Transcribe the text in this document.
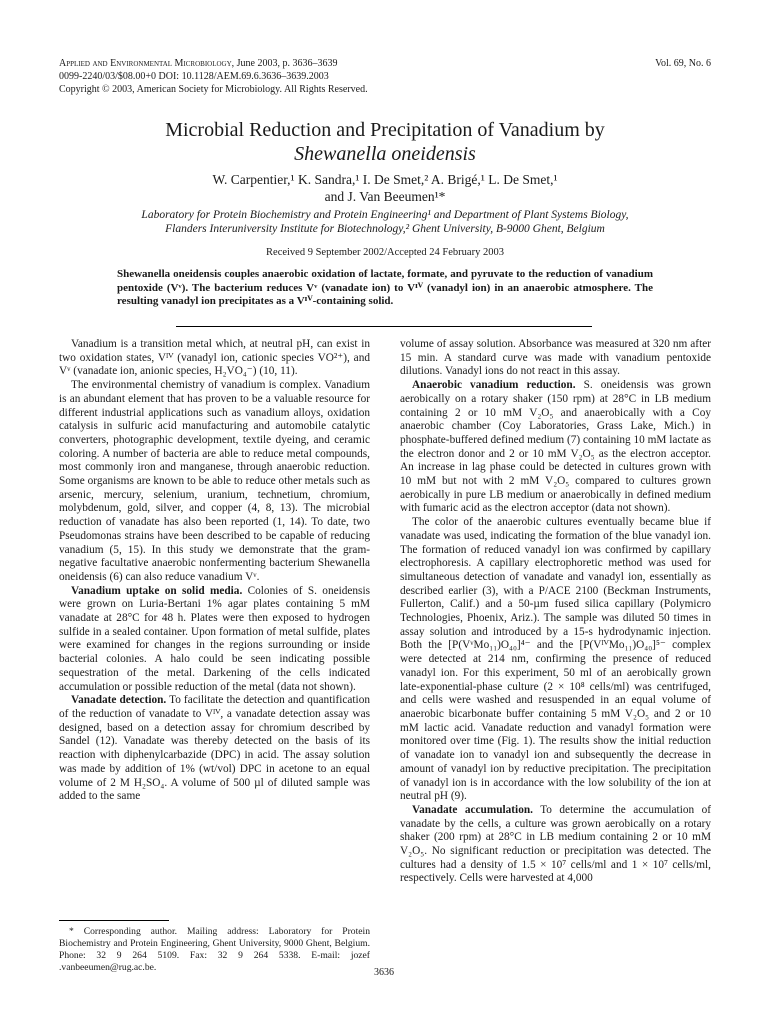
Applied and Environmental Microbiology, June 2003, p. 3636–3639
0099-2240/03/$08.00+0 DOI: 10.1128/AEM.69.6.3636–3639.2003
Copyright © 2003, American Society for Microbiology. All Rights Reserved.
Vol. 69, No. 6
Microbial Reduction and Precipitation of Vanadium by
Shewanella oneidensis
W. Carpentier,¹ K. Sandra,¹ I. De Smet,² A. Brigé,¹ L. De Smet,¹
and J. Van Beeumen¹*
Laboratory for Protein Biochemistry and Protein Engineering¹ and Department of Plant Systems Biology,
Flanders Interuniversity Institute for Biotechnology,² Ghent University, B-9000 Ghent, Belgium
Received 9 September 2002/Accepted 24 February 2003
Shewanella oneidensis couples anaerobic oxidation of lactate, formate, and pyruvate to the reduction of vanadium pentoxide (Vᵛ). The bacterium reduces Vᵛ (vanadate ion) to Vᴵⱽ (vanadyl ion) in an anaerobic atmosphere. The resulting vanadyl ion precipitates as a Vᴵⱽ-containing solid.

Vanadium is a transition metal which, at neutral pH, can exist in two oxidation states, Vᴵⱽ (vanadyl ion, cationic species VO²⁺), and Vᵛ (vanadate ion, anionic species, H₂VO₄⁻) (10, 11).

The environmental chemistry of vanadium is complex. Vanadium is an abundant element that has proven to be a valuable resource for different industrial applications such as vanadium alloys, oxidation catalysis in sulfuric acid manufacturing and automobile catalytic converters, photographic development, textile dyeing, and ceramic coloring. A number of bacteria are able to reduce metal compounds, most commonly iron and manganese, through anaerobic reduction. Some organisms are known to be able to reduce other metals such as arsenic, mercury, selenium, uranium, technetium, chromium, molybdenum, gold, silver, and copper (4, 8, 13). The microbial reduction of vanadate has also been reported (1, 14). To date, two Pseudomonas strains have been described to be capable of reducing vanadium (5, 15). In this study we demonstrate that the gram-negative facultative anaerobic nonfermenting bacterium Shewanella oneidensis (6) can also reduce vanadium Vᵛ.

Vanadium uptake on solid media. Colonies of S. oneidensis were grown on Luria-Bertani 1% agar plates containing 5 mM vanadate at 28°C for 48 h. Plates were then exposed to hydrogen sulfide in a sealed container. Upon formation of metal sulfide, plates were examined for changes in the regions surrounding or inside bacterial colonies. A halo could be seen indicating possible sequestration of the metal. Darkening of the cells indicated accumulation or possible reduction of the metal (data not shown).

Vanadate detection. To facilitate the detection and quantification of the reduction of vanadate to Vᴵⱽ, a vanadate detection assay was designed, based on a detection assay for chromium described by Sandel (12). Vanadate was thereby detected on the basis of its reaction with diphenylcarbazide (DPC) in acid. The assay solution was made by addition of 1% (wt/vol) DPC in acetone to an equal volume of 2 M H₂SO₄. A volume of 500 µl of diluted sample was added to the same

volume of assay solution. Absorbance was measured at 320 nm after 15 min. A standard curve was made with vanadium pentoxide dilutions. Vanadyl ions do not react in this assay.

Anaerobic vanadium reduction. S. oneidensis was grown aerobically on a rotary shaker (150 rpm) at 28°C in LB medium containing 2 or 10 mM V₂O₅ and anaerobically with a Coy anaerobic chamber (Coy Laboratories, Grass Lake, Mich.) in phosphate-buffered defined medium (7) containing 10 mM lactate as the electron donor and 2 or 10 mM V₂O₅ as the electron acceptor. An increase in lag phase could be detected in cultures grown with 10 mM but not with 2 mM V₂O₅ compared to cultures grown aerobically in pure LB medium or anaerobically in defined medium with fumaric acid as the electron acceptor (data not shown).

The color of the anaerobic cultures eventually became blue if vanadate was used, indicating the formation of the blue vanadyl ion. The formation of reduced vanadyl ion was confirmed by capillary electrophoresis. A capillary electrophoretic method was used for simultaneous detection of vanadate and vanadyl ion, essentially as described earlier (3), with a P/ACE 2100 (Beckman Instruments, Fullerton, Calif.) and a 50-µm fused silica capillary (Polymicro Technologies, Phoenix, Ariz.). The sample was diluted 50 times in assay solution and introduced by a 15-s hydrodynamic injection. Both the [P(VᵛMo₁₁)O₄₀]⁴⁻ and the [P(VᴵⱽMo₁₁)O₄₀]⁵⁻ complex were detected at 214 nm, confirming the presence of reduced vanadyl ion. For this experiment, 50 ml of an aerobically grown late-exponential-phase culture (2 × 10⁸ cells/ml) was centrifuged, and cells were washed and resuspended in an equal volume of anaerobic bicarbonate buffer containing 5 mM V₂O₅ and 2 or 10 mM lactic acid. Vanadate reduction and vanadyl formation were monitored over time (Fig. 1). The results show the initial reduction of vanadate ion to vanadyl ion and subsequently the decrease in amount of vanadyl ion by reductive precipitation. The precipitation of vanadyl ion is in accordance with the low solubility of the ion at neutral pH (9).

Vanadate accumulation. To determine the accumulation of vanadate by the cells, a culture was grown aerobically on a rotary shaker (200 rpm) at 28°C in LB medium containing 2 or 10 mM V₂O₅. No significant reduction or precipitation was detected. The cultures had a density of 1.5 × 10⁷ cells/ml and 1 × 10⁷ cells/ml, respectively. Cells were harvested at 4,000

* Corresponding author. Mailing address: Laboratory for Protein Biochemistry and Protein Engineering, Ghent University, 9000 Ghent, Belgium. Phone: 32 9 264 5109. Fax: 32 9 264 5338. E-mail: jozef .vanbeeumen@rug.ac.be.	3636
